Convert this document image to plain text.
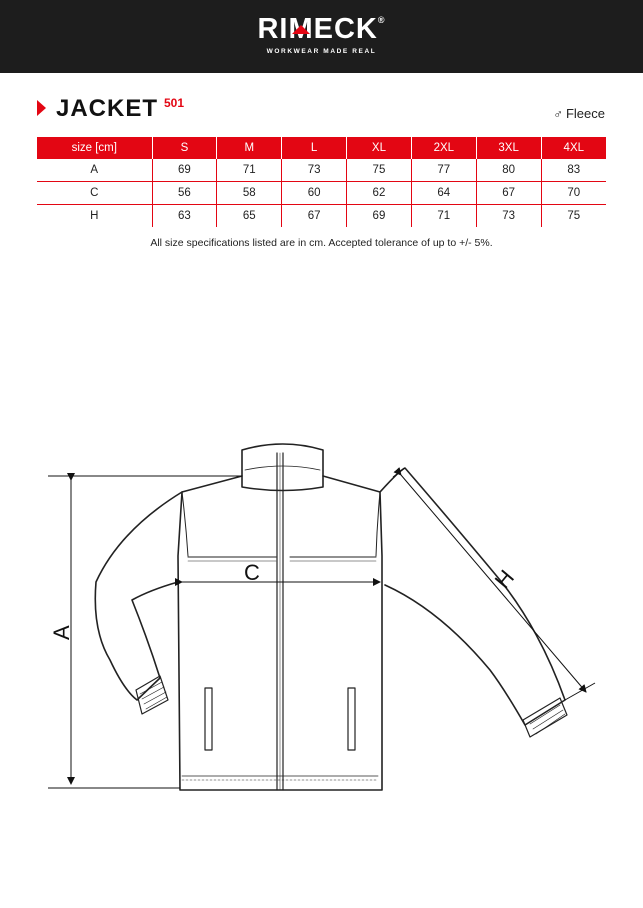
RIM
ECK®
WORKWEAR MADE REAL
JACKET 501
♂ Fleece
size [cm]	S	M	L	XL	2XL	3XL	4XL
A	69	71	73	75	77	80	83
C	56	58	60	62	64	67	70
H	63	65	67	69	71	73	75
All size specifications listed are in cm. Accepted tolerance of up to +/- 5%.
A
C	H
